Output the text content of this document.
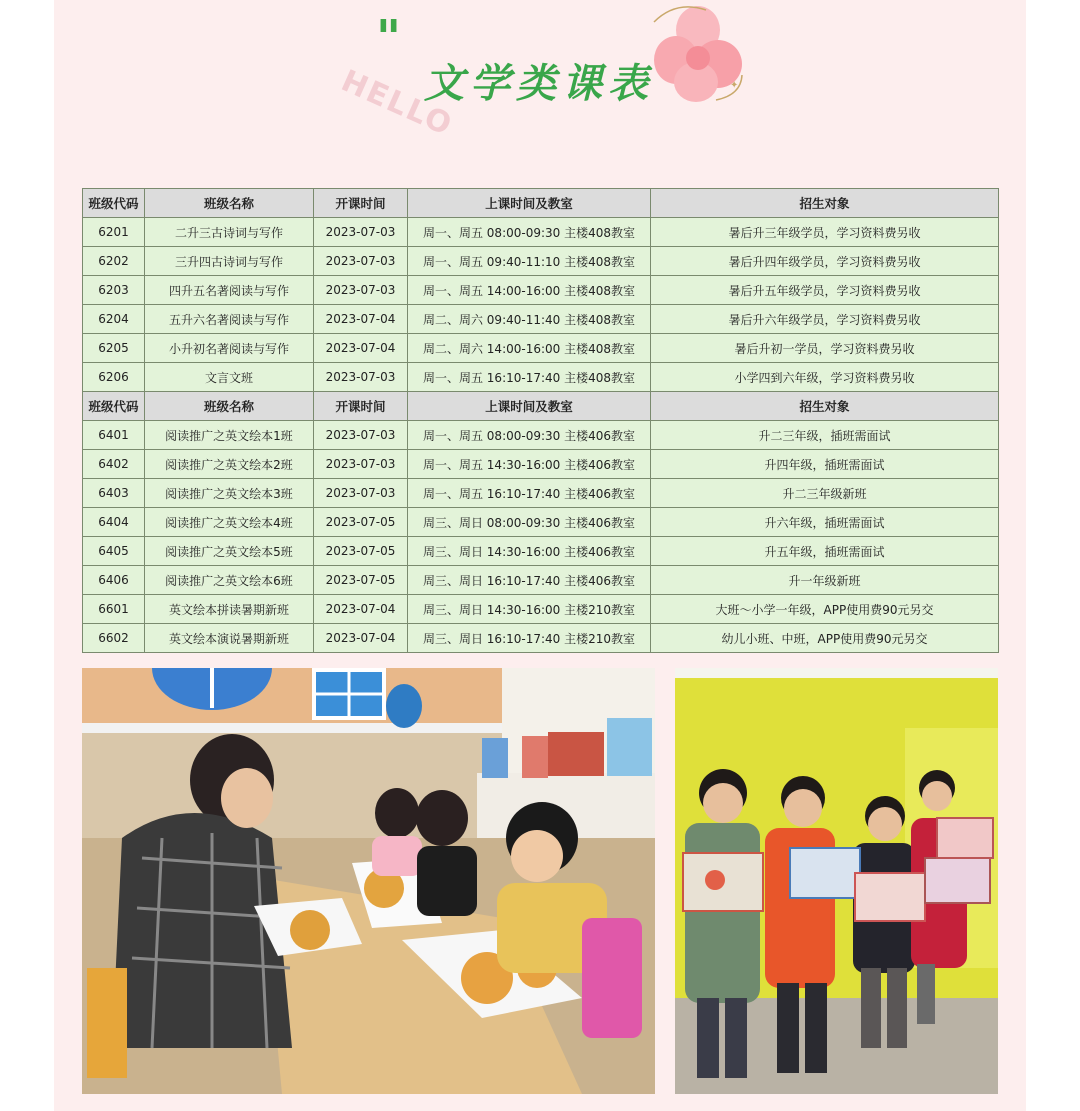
"
HELLO	✦
文学类课表
班级代码	班级名称	开课时间	上课时间及教室	招生对象
6201	二升三古诗词与写作	2023-07-03	周一、周五 08:00-09:30 主楼408教室	暑后升三年级学员，学习资料费另收
6202	三升四古诗词与写作	2023-07-03	周一、周五 09:40-11:10 主楼408教室	暑后升四年级学员，学习资料费另收
6203	四升五名著阅读与写作	2023-07-03	周一、周五 14:00-16:00 主楼408教室	暑后升五年级学员，学习资料费另收
6204	五升六名著阅读与写作	2023-07-04	周二、周六 09:40-11:40 主楼408教室	暑后升六年级学员，学习资料费另收
6205	小升初名著阅读与写作	2023-07-04	周二、周六 14:00-16:00 主楼408教室	暑后升初一学员，学习资料费另收
6206	文言文班	2023-07-03	周一、周五 16:10-17:40 主楼408教室	小学四到六年级，学习资料费另收
班级代码	班级名称	开课时间	上课时间及教室	招生对象
6401	阅读推广之英文绘本1班	2023-07-03	周一、周五 08:00-09:30 主楼406教室	升二三年级，插班需面试
6402	阅读推广之英文绘本2班	2023-07-03	周一、周五 14:30-16:00 主楼406教室	升四年级，插班需面试
6403	阅读推广之英文绘本3班	2023-07-03	周一、周五 16:10-17:40 主楼406教室	升二三年级新班
6404	阅读推广之英文绘本4班	2023-07-05	周三、周日 08:00-09:30 主楼406教室	升六年级，插班需面试
6405	阅读推广之英文绘本5班	2023-07-05	周三、周日 14:30-16:00 主楼406教室	升五年级，插班需面试
6406	阅读推广之英文绘本6班	2023-07-05	周三、周日 16:10-17:40 主楼406教室	升一年级新班
6601	英文绘本拼读暑期新班	2023-07-04	周三、周日 14:30-16:00 主楼210教室	大班～小学一年级，APP使用费90元另交
6602	英文绘本演说暑期新班	2023-07-04	周三、周日 16:10-17:40 主楼210教室	幼儿小班、中班，APP使用费90元另交
